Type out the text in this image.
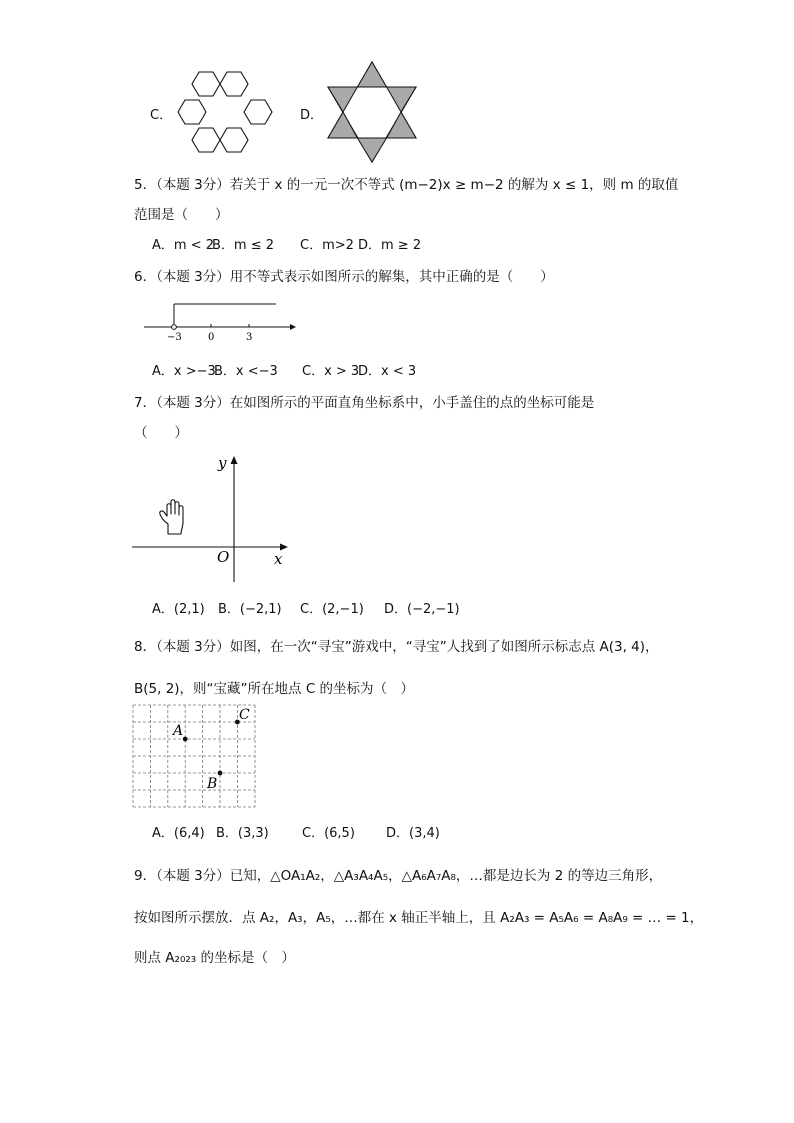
C．	D．
5．（本题 3分）若关于 x 的一元一次不等式 (m−2)x ≥ m−2 的解为 x ≤ 1，则 m 的取值
范围是（　　）
A．m < 2
B．m ≤ 2 C．m>2 D．m ≥ 2
6．（本题 3分）用不等式表示如图所示的解集，其中正确的是（　　）
−3	0	3
A．x >−3
B．x <−3 C．x > 3
D．x < 3
7．（本题 3分）在如图所示的平面直角坐标系中，小手盖住的点的坐标可能是
（　　）
y
x
O
A．(2,1) B．(−2,1) C．(2,−1) D．(−2,−1)
8．（本题 3分）如图，在一次“寻宝”游戏中，“寻宝”人找到了如图所示标志点 A(3, 4)，
B(5, 2)，则“宝藏”所在地点 C 的坐标为（　）
A
B
C
A．(6,4) B．(3,3)	C．(6,5) D．(3,4)
9．（本题 3分）已知，△OA₁A₂，△A₃A₄A₅，△A₆A₇A₈，…都是边长为 2 的等边三角形，
按如图所示摆放．点 A₂，A₃，A₅，…都在 x 轴正半轴上，且 A₂A₃ = A₅A₆ = A₈A₉ = … = 1，
则点 A₂₀₂₃ 的坐标是（　）
